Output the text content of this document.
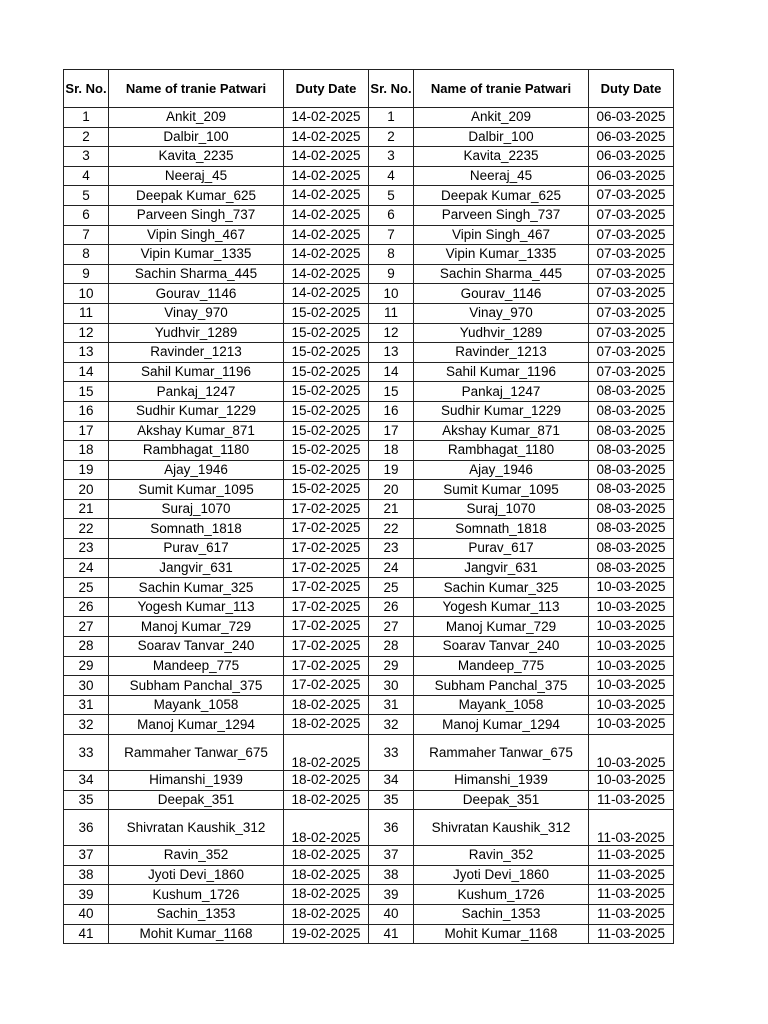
Sr. No.	Name of tranie Patwari	Duty Date	Sr. No.	Name of tranie Patwari	Duty Date
1	Ankit_209	14-02-2025	1	Ankit_209	06-03-2025
2	Dalbir_100	14-02-2025	2	Dalbir_100	06-03-2025
3	Kavita_2235	14-02-2025	3	Kavita_2235	06-03-2025
4	Neeraj_45	14-02-2025	4	Neeraj_45	06-03-2025
5	Deepak Kumar_625	14-02-2025	5	Deepak Kumar_625	07-03-2025
6	Parveen Singh_737	14-02-2025	6	Parveen Singh_737	07-03-2025
7	Vipin Singh_467	14-02-2025	7	Vipin Singh_467	07-03-2025
8	Vipin Kumar_1335	14-02-2025	8	Vipin Kumar_1335	07-03-2025
9	Sachin Sharma_445	14-02-2025	9	Sachin Sharma_445	07-03-2025
10	Gourav_1146	14-02-2025	10	Gourav_1146	07-03-2025
11	Vinay_970	15-02-2025	11	Vinay_970	07-03-2025
12	Yudhvir_1289	15-02-2025	12	Yudhvir_1289	07-03-2025
13	Ravinder_1213	15-02-2025	13	Ravinder_1213	07-03-2025
14	Sahil Kumar_1196	15-02-2025	14	Sahil Kumar_1196	07-03-2025
15	Pankaj_1247	15-02-2025	15	Pankaj_1247	08-03-2025
16	Sudhir Kumar_1229	15-02-2025	16	Sudhir Kumar_1229	08-03-2025
17	Akshay Kumar_871	15-02-2025	17	Akshay Kumar_871	08-03-2025
18	Rambhagat_1180	15-02-2025	18	Rambhagat_1180	08-03-2025
19	Ajay_1946	15-02-2025	19	Ajay_1946	08-03-2025
20	Sumit Kumar_1095	15-02-2025	20	Sumit Kumar_1095	08-03-2025
21	Suraj_1070	17-02-2025	21	Suraj_1070	08-03-2025
22	Somnath_1818	17-02-2025	22	Somnath_1818	08-03-2025
23	Purav_617	17-02-2025	23	Purav_617	08-03-2025
24	Jangvir_631	17-02-2025	24	Jangvir_631	08-03-2025
25	Sachin Kumar_325	17-02-2025	25	Sachin Kumar_325	10-03-2025
26	Yogesh Kumar_113	17-02-2025	26	Yogesh Kumar_113	10-03-2025
27	Manoj Kumar_729	17-02-2025	27	Manoj Kumar_729	10-03-2025
28	Soarav Tanvar_240	17-02-2025	28	Soarav Tanvar_240	10-03-2025
29	Mandeep_775	17-02-2025	29	Mandeep_775	10-03-2025
30	Subham Panchal_375	17-02-2025	30	Subham Panchal_375	10-03-2025
31	Mayank_1058	18-02-2025	31	Mayank_1058	10-03-2025
32	Manoj Kumar_1294	18-02-2025	32	Manoj Kumar_1294	10-03-2025
33	Rammaher Tanwar_675	18-02-2025	33	Rammaher Tanwar_675	10-03-2025
34	Himanshi_1939	18-02-2025	34	Himanshi_1939	10-03-2025
35	Deepak_351	18-02-2025	35	Deepak_351	11-03-2025
36	Shivratan Kaushik_312	18-02-2025	36	Shivratan Kaushik_312	11-03-2025
37	Ravin_352	18-02-2025	37	Ravin_352	11-03-2025
38	Jyoti Devi_1860	18-02-2025	38	Jyoti Devi_1860	11-03-2025
39	Kushum_1726	18-02-2025	39	Kushum_1726	11-03-2025
40	Sachin_1353	18-02-2025	40	Sachin_1353	11-03-2025
41	Mohit Kumar_1168	19-02-2025	41	Mohit Kumar_1168	11-03-2025
